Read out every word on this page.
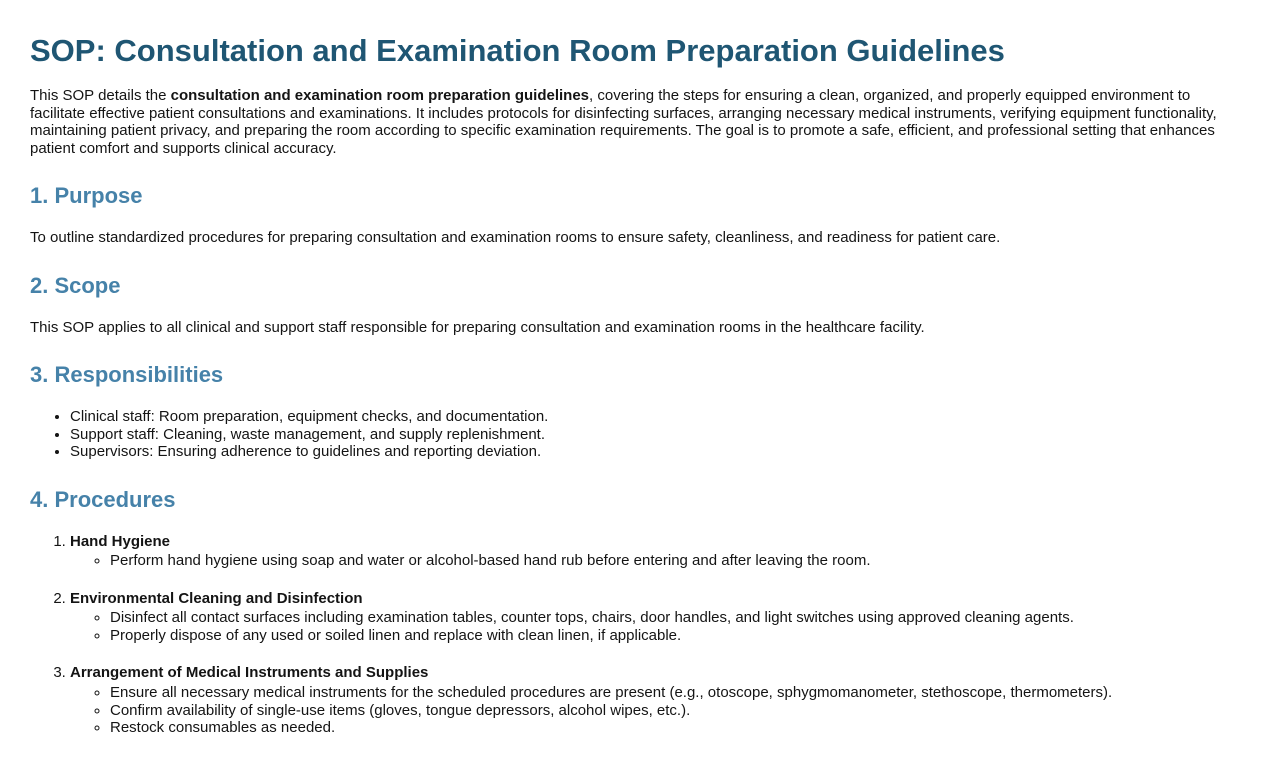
SOP: Consultation and Examination Room Preparation Guidelines

This SOP details the consultation and examination room preparation guidelines, covering the steps for ensuring a clean, organized, and properly equipped environment to facilitate effective patient consultations and examinations. It includes protocols for disinfecting surfaces, arranging necessary medical instruments, verifying equipment functionality, maintaining patient privacy, and preparing the room according to specific examination requirements. The goal is to promote a safe, efficient, and professional setting that enhances patient comfort and supports clinical accuracy.

1. Purpose

To outline standardized procedures for preparing consultation and examination rooms to ensure safety, cleanliness, and readiness for patient care.

2. Scope

This SOP applies to all clinical and support staff responsible for preparing consultation and examination rooms in the healthcare facility.

3. Responsibilities
• Clinical staff: Room preparation, equipment checks, and documentation.
• Support staff: Cleaning, waste management, and supply replenishment.
• Supervisors: Ensuring adherence to guidelines and reporting deviation.
4. Procedures
1. Hand Hygiene
◦ Perform hand hygiene using soap and water or alcohol-based hand rub before entering and after leaving the room.
2. Environmental Cleaning and Disinfection
◦ Disinfect all contact surfaces including examination tables, counter tops, chairs, door handles, and light switches using approved cleaning agents.
◦ Properly dispose of any used or soiled linen and replace with clean linen, if applicable.
3. Arrangement of Medical Instruments and Supplies
◦ Ensure all necessary medical instruments for the scheduled procedures are present (e.g., otoscope, sphygmomanometer, stethoscope, thermometers).
◦ Confirm availability of single-use items (gloves, tongue depressors, alcohol wipes, etc.).
◦ Restock consumables as needed.
